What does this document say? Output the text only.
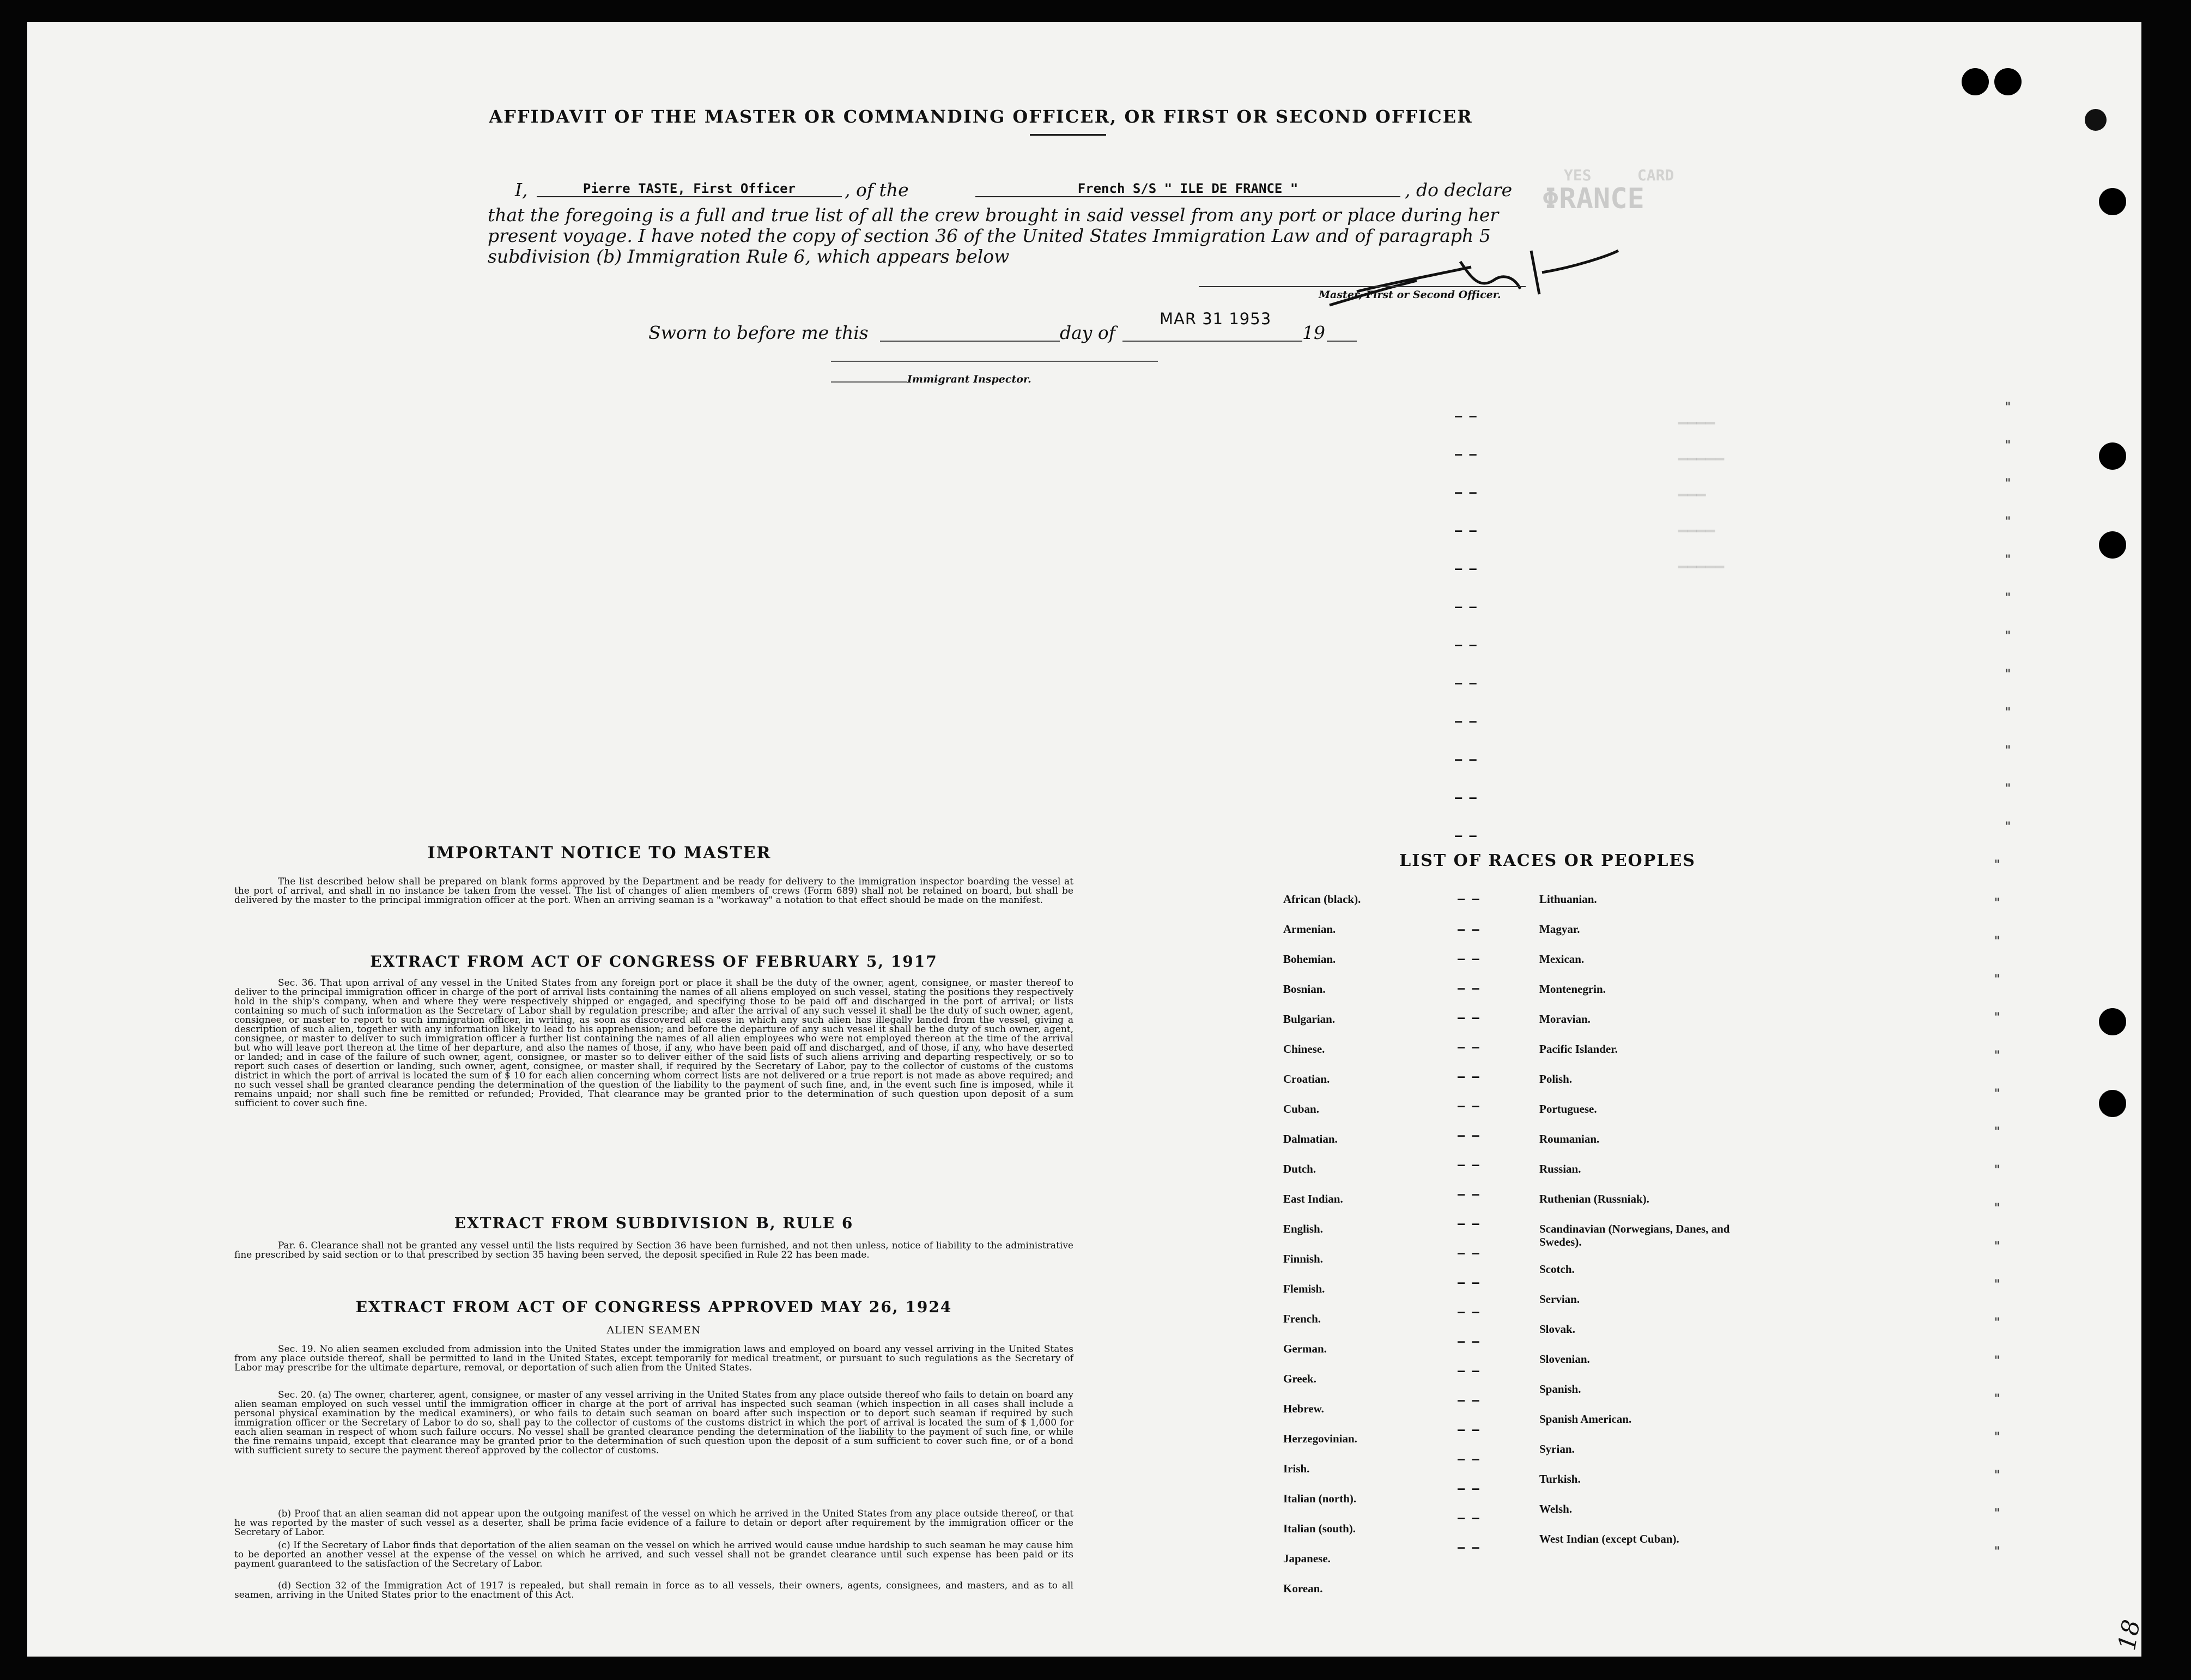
YES     CARD
━━━━

━━━━━

━━━

━━━━

━━━━━
AFFIDAVIT OF THE MASTER OR COMMANDING OFFICER, OR FIRST OR SECOND OFFICER
I,	Pierre TASTE, First Officer	, of the	French S/S " ILE DE FRANCE "	, do declare
that the foregoing is a full and true list of all the crew brought in said vessel from any port or place during her
present voyage. I have noted the copy of section 36 of the United States Immigration Law and of paragraph 5
subdivision (b) Immigration Rule 6, which appears below
ΦRANCE
Master, First or Second Officer.
Sworn to before me this	day of
MAR 31 1953
19
Immigrant Inspector.
– –
– –
– –
– –
– –
– –
– –
– –
– –
– –
– –
– –
– –
– –
– –
– –
– –
– –
– –
– –
– –
– –
– –
– –
– –
– –
– –
– –
– –
– –
– –
– –
– –
– –
– –
"
"
"
"
"
"
"
"
"
"
"
"
"
"
"
"
"
"
"
"
"
"
"
"
"
"
"
"
"
"
"
IMPORTANT NOTICE TO MASTER
The list described below shall be prepared on blank forms approved by the Department and be ready for delivery to the immigration inspector boarding the vessel at the port of arrival, and shall in no instance be taken from the vessel. The list of changes of alien members of crews (Form 689) shall not be retained on board, but shall be delivered by the master to the principal immigration officer at the port. When an arriving seaman is a "workaway" a notation to that effect should be made on the manifest.
EXTRACT FROM ACT OF CONGRESS OF FEBRUARY 5, 1917
Sec. 36. That upon arrival of any vessel in the United States from any foreign port or place it shall be the duty of the owner, agent, consignee, or master thereof to deliver to the principal immigration officer in charge of the port of arrival lists containing the names of all aliens employed on such vessel, stating the positions they respectively hold in the ship's company, when and where they were respectively shipped or engaged, and specifying those to be paid off and discharged in the port of arrival; or lists containing so much of such information as the Secretary of Labor shall by regulation prescribe; and after the arrival of any such vessel it shall be the duty of such owner, agent, consignee, or master to report to such immigration officer, in writing, as soon as discovered all cases in which any such alien has illegally landed from the vessel, giving a description of such alien, together with any information likely to lead to his apprehension; and before the departure of any such vessel it shall be the duty of such owner, agent, consignee, or master to deliver to such immigration officer a further list containing the names of all alien employees who were not employed thereon at the time of the arrival but who will leave port thereon at the time of her departure, and also the names of those, if any, who have been paid off and discharged, and of those, if any, who have deserted or landed; and in case of the failure of such owner, agent, consignee, or master so to deliver either of the said lists of such aliens arriving and departing respectively, or so to report such cases of desertion or landing, such owner, agent, consignee, or master shall, if required by the Secretary of Labor, pay to the collector of customs of the customs district in which the port of arrival is located the sum of $ 10 for each alien concerning whom correct lists are not delivered or a true report is not made as above required; and no such vessel shall be granted clearance pending the determination of the question of the liability to the payment of such fine, and, in the event such fine is imposed, while it remains unpaid; nor shall such fine be remitted or refunded; Provided, That clearance may be granted prior to the determination of such question upon deposit of a sum sufficient to cover such fine.
EXTRACT FROM SUBDIVISION B, RULE 6
Par. 6. Clearance shall not be granted any vessel until the lists required by Section 36 have been furnished, and not then unless, notice of liability to the administrative fine prescribed by said section or to that prescribed by section 35 having been served, the deposit specified in Rule 22 has been made.
EXTRACT FROM ACT OF CONGRESS APPROVED MAY 26, 1924
ALIEN SEAMEN
Sec. 19. No alien seamen excluded from admission into the United States under the immigration laws and employed on board any vessel arriving in the United States from any place outside thereof, shall be permitted to land in the United States, except temporarily for medical treatment, or pursuant to such regulations as the Secretary of Labor may prescribe for the ultimate departure, removal, or deportation of such alien from the United States.
Sec. 20. (a) The owner, charterer, agent, consignee, or master of any vessel arriving in the United States from any place outside thereof who fails to detain on board any alien seaman employed on such vessel until the immigration officer in charge at the port of arrival has inspected such seaman (which inspection in all cases shall include a personal physical examination by the medical examiners), or who fails to detain such seaman on board after such inspection or to deport such seaman if required by such immigration officer or the Secretary of Labor to do so, shall pay to the collector of customs of the customs district in which the port of arrival is located the sum of $ 1,000 for each alien seaman in respect of whom such failure occurs. No vessel shall be granted clearance pending the determination of the liability to the payment of such fine, or while the fine remains unpaid, except that clearance may be granted prior to the determination of such question upon the deposit of a sum sufficient to cover such fine, or of a bond with sufficient surety to secure the payment thereof approved by the collector of customs.
(b) Proof that an alien seaman did not appear upon the outgoing manifest of the vessel on which he arrived in the United States from any place outside thereof, or that he was reported by the master of such vessel as a deserter, shall be prima facie evidence of a failure to detain or deport after requirement by the immigration officer or the Secretary of Labor.
(c) If the Secretary of Labor finds that deportation of the alien seaman on the vessel on which he arrived would cause undue hardship to such seaman he may cause him to be deported an another vessel at the expense of the vessel on which he arrived, and such vessel shall not be grandet clearance until such expense has been paid or its payment guaranteed to the satisfaction of the Secretary of Labor.
(d) Section 32 of the Immigration Act of 1917 is repealed, but shall remain in force as to all vessels, their owners, agents, consignees, and masters, and as to all seamen, arriving in the United States prior to the enactment of this Act.
LIST OF RACES OR PEOPLES
African (black).
Armenian.
Bohemian.
Bosnian.
Bulgarian.
Chinese.
Croatian.
Cuban.
Dalmatian.
Dutch.
East Indian.
English.
Finnish.
Flemish.
French.
German.
Greek.
Hebrew.
Herzegovinian.
Irish.
Italian (north).
Italian (south).
Japanese.
Korean.
Lithuanian.
Magyar.
Mexican.
Montenegrin.
Moravian.
Pacific Islander.
Polish.
Portuguese.
Roumanian.
Russian.
Ruthenian (Russniak).
Scandinavian (Norwegians, Danes, and Swedes).
Scotch.
Servian.
Slovak.
Slovenian.
Spanish.
Spanish American.
Syrian.
Turkish.
Welsh.
West Indian (except Cuban).
18
